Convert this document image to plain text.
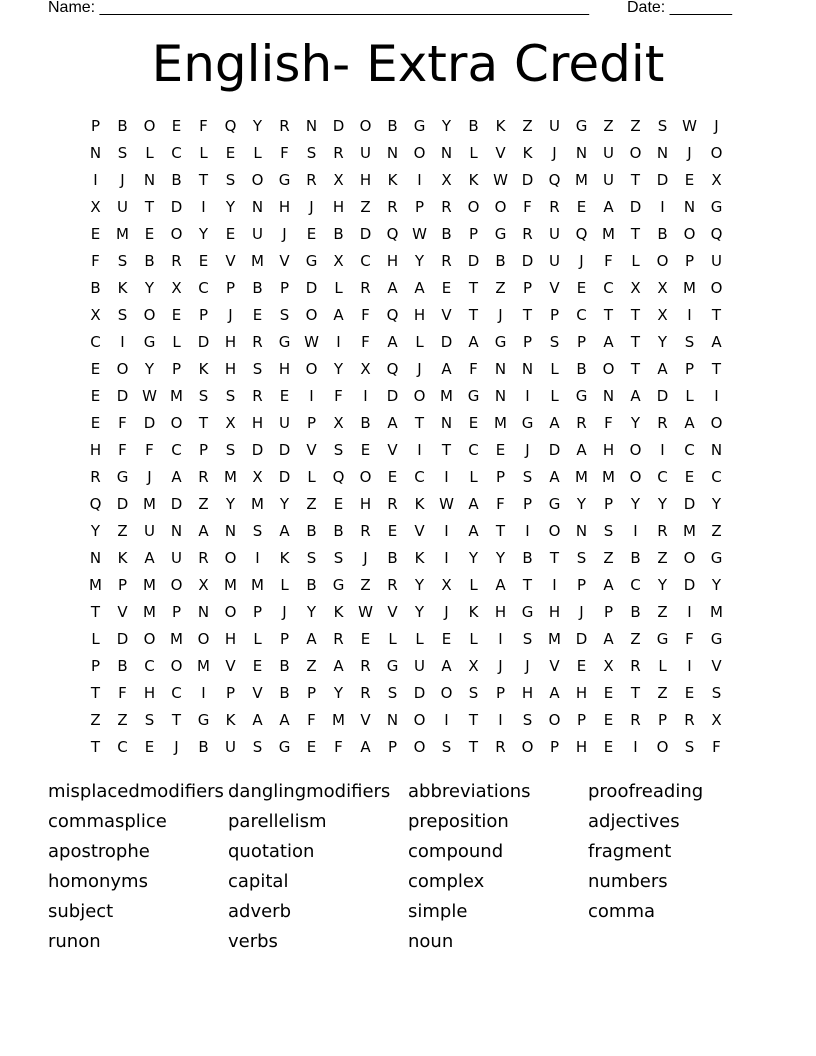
Name: _______________________________________________________ Date: _______
English- Extra Credit
P	B	O	E	F	Q	Y	R	N	D	O	B	G	Y	B	K	Z	U	G	Z	Z	S W	J
N	S	L	C	L	E	L	F	S	R	U	N	O	N	L	V	K	J	N	U	O	N	J	O
I	J	N	B	T	S	O	G	R	X	H	K	I	X	K W D	Q M	U	T	D	E	X
X	U	T	D	I	Y	N	H	J	H	Z	R	P	R	O	O	F	R	E	A	D	I	N	G
E	M	E	O	Y	E	U	J	E	B	D	Q W B	P	G	R	U	Q M	T	B	O	Q
F	S	B	R	E	V	M	V	G	X	C	H	Y	R	D	B	D	U	J	F	L	O	P	U
B	K	Y	X	C	P	B	P	D	L	R	A	A	E	T	Z	P	V	E	C	X	X	M O
X	S	O	E	P	J	E	S	O	A	F	Q	H	V	T	J	T	P	C	T	T	X	I	T
C	I	G	L	D	H	R	G W	I	F	A	L	D	A	G	P	S	P	A	T	Y	S	A
E	O	Y	P	K	H	S	H	O	Y	X	Q	J	A	F	N	N	L	B	O	T	A	P	T
E	D W M	S	S	R	E	I	F	I	D	O M G	N	I	L	G	N	A	D	L	I
E	F	D	O	T	X	H	U	P	X	B	A	T	N	E	M G	A	R	F	Y	R	A	O
H	F	F	C	P	S	D	D	V	S	E	V	I	T	C	E	J	D	A	H	O	I	C	N
R	G	J	A	R	M	X	D	L	Q	O	E	C	I	L	P	S	A	M M O	C	E	C
Q	D M D	Z	Y	M	Y	Z	E	H	R	K W A	F	P	G	Y	P	Y	Y	D	Y
Y	Z	U	N	A	N	S	A	B	B	R	E	V	I	A	T	I	O	N	S	I	R	M	Z
N	K	A	U	R	O	I	K	S	S	J	B	K	I	Y	Y	B	T	S	Z	B	Z	O	G
M	P	M O	X	M M	L	B	G	Z	R	Y	X	L	A	T	I	P	A	C	Y	D	Y
T	V	M	P	N	O	P	J	Y	K W V	Y	J	K	H	G	H	J	P	B	Z	I	M
L	D	O M O	H	L	P	A	R	E	L	L	E	L	I	S	M D	A	Z	G	F	G
P	B	C	O M	V	E	B	Z	A	R	G	U	A	X	J	J	V	E	X	R	L	I	V
T	F	H	C	I	P	V	B	P	Y	R	S	D	O	S	P	H	A	H	E	T	Z	E	S
Z	Z	S	T	G	K	A	A	F	M	V	N	O	I	T	I	S	O	P	E	R	P	R	X
T	C	E	J	B	U	S	G	E	F	A	P	O	S	T	R	O	P	H	E	I	O	S	F
misplacedmodifiers danglingmodifiers abbreviations	proofreading
commasplice	parellelism	preposition	adjectives
apostrophe	quotation	compound	fragment
homonyms	capital	complex	numbers
subject	adverb	simple	comma
runon	verbs	noun
